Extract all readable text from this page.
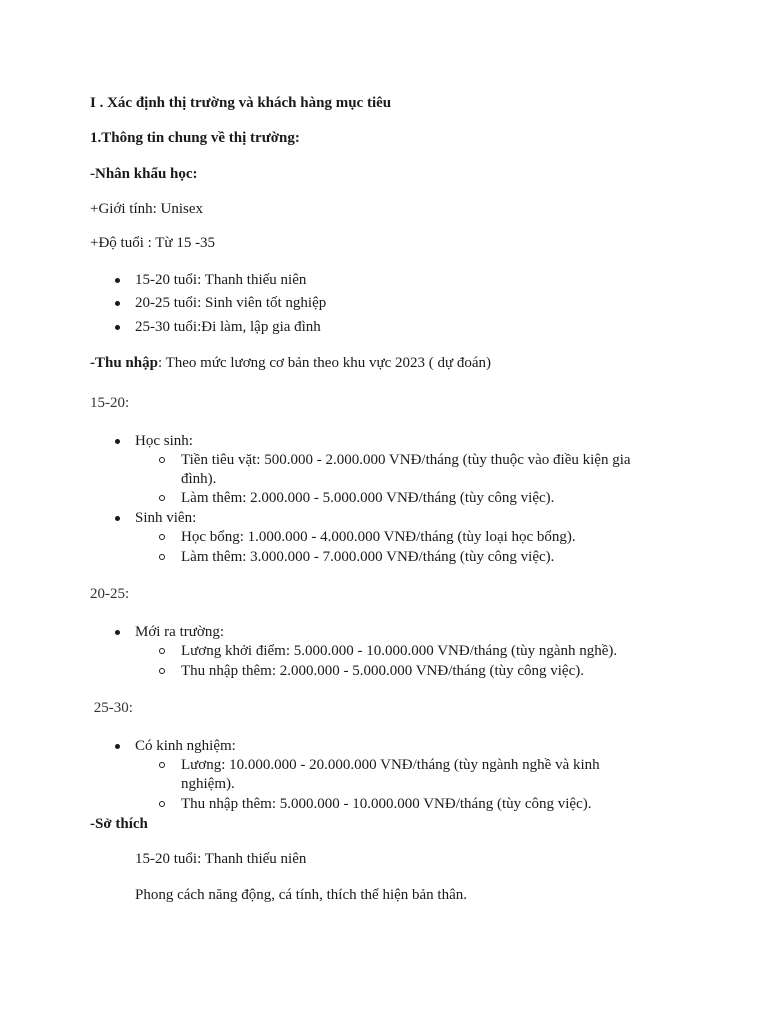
I . Xác định thị trường và khách hàng mục tiêu
1.Thông tin chung về thị trường:
-Nhân khẩu học:
+Giới tính: Unisex
+Độ tuổi : Từ 15 -35
15-20 tuổi: Thanh thiếu niên
20-25 tuổi: Sinh viên tốt nghiệp
25-30 tuổi:Đi làm, lập gia đình
-Thu nhập: Theo mức lương cơ bản theo khu vực 2023 ( dự đoán)
15-20:
Học sinh:
Tiền tiêu vặt: 500.000 - 2.000.000 VNĐ/tháng (tùy thuộc vào điều kiện gia
đình).
Làm thêm: 2.000.000 - 5.000.000 VNĐ/tháng (tùy công việc).
Sinh viên:
Học bổng: 1.000.000 - 4.000.000 VNĐ/tháng (tùy loại học bổng).
Làm thêm: 3.000.000 - 7.000.000 VNĐ/tháng (tùy công việc).
20-25:
Mới ra trường:
Lương khởi điểm: 5.000.000 - 10.000.000 VNĐ/tháng (tùy ngành nghề).
Thu nhập thêm: 2.000.000 - 5.000.000 VNĐ/tháng (tùy công việc).
25-30:
Có kinh nghiệm:
Lương: 10.000.000 - 20.000.000 VNĐ/tháng (tùy ngành nghề và kinh
nghiệm).
Thu nhập thêm: 5.000.000 - 10.000.000 VNĐ/tháng (tùy công việc).
-Sở thích
15-20 tuổi: Thanh thiếu niên
Phong cách năng động, cá tính, thích thể hiện bản thân.
